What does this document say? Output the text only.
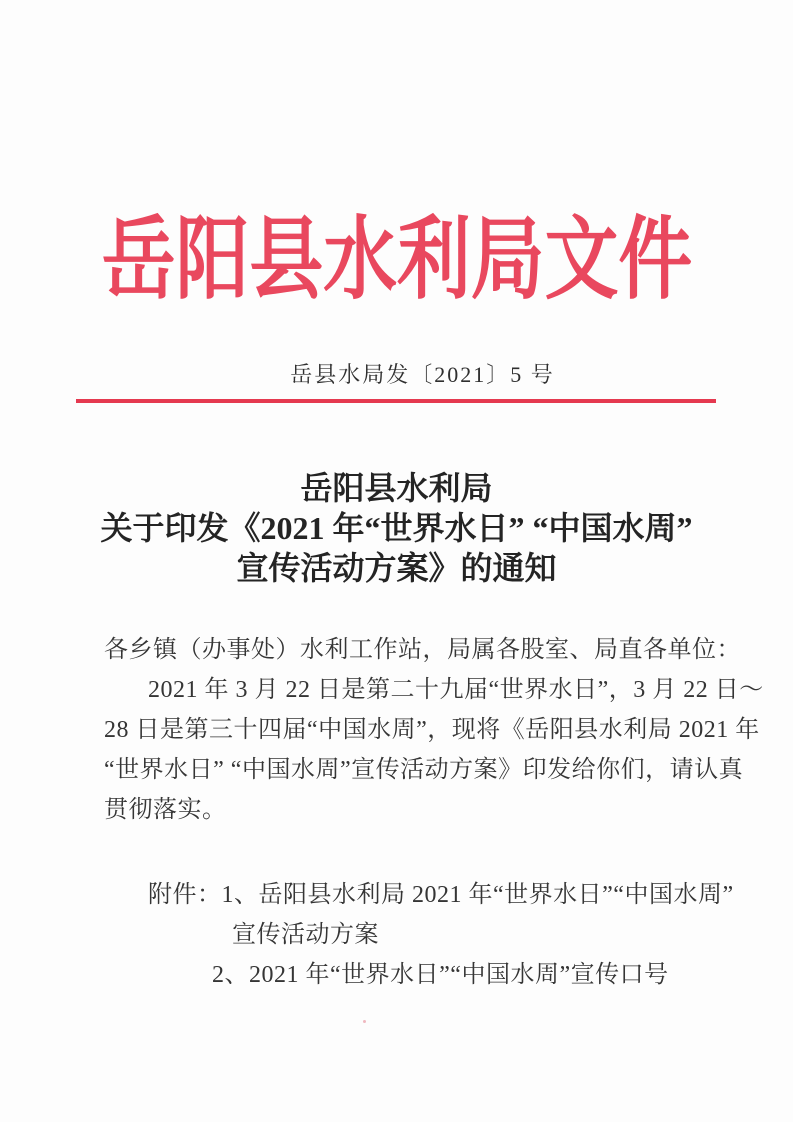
岳阳县水利局文件
岳县水局发〔2021〕5 号
岳阳县水利局
关于印发《2021 年“世界水日” “中国水周”
宣传活动方案》的通知
各乡镇（办事处）水利工作站，局属各股室、局直各单位：
2021 年 3 月 22 日是第二十九届“世界水日”，3 月 22 日～
28 日是第三十四届“中国水周”，现将《岳阳县水利局 2021 年
“世界水日” “中国水周”宣传活动方案》印发给你们，请认真
贯彻落实。
附件：1、岳阳县水利局 2021 年“世界水日”“中国水周”
宣传活动方案
2、2021 年“世界水日”“中国水周”宣传口号
